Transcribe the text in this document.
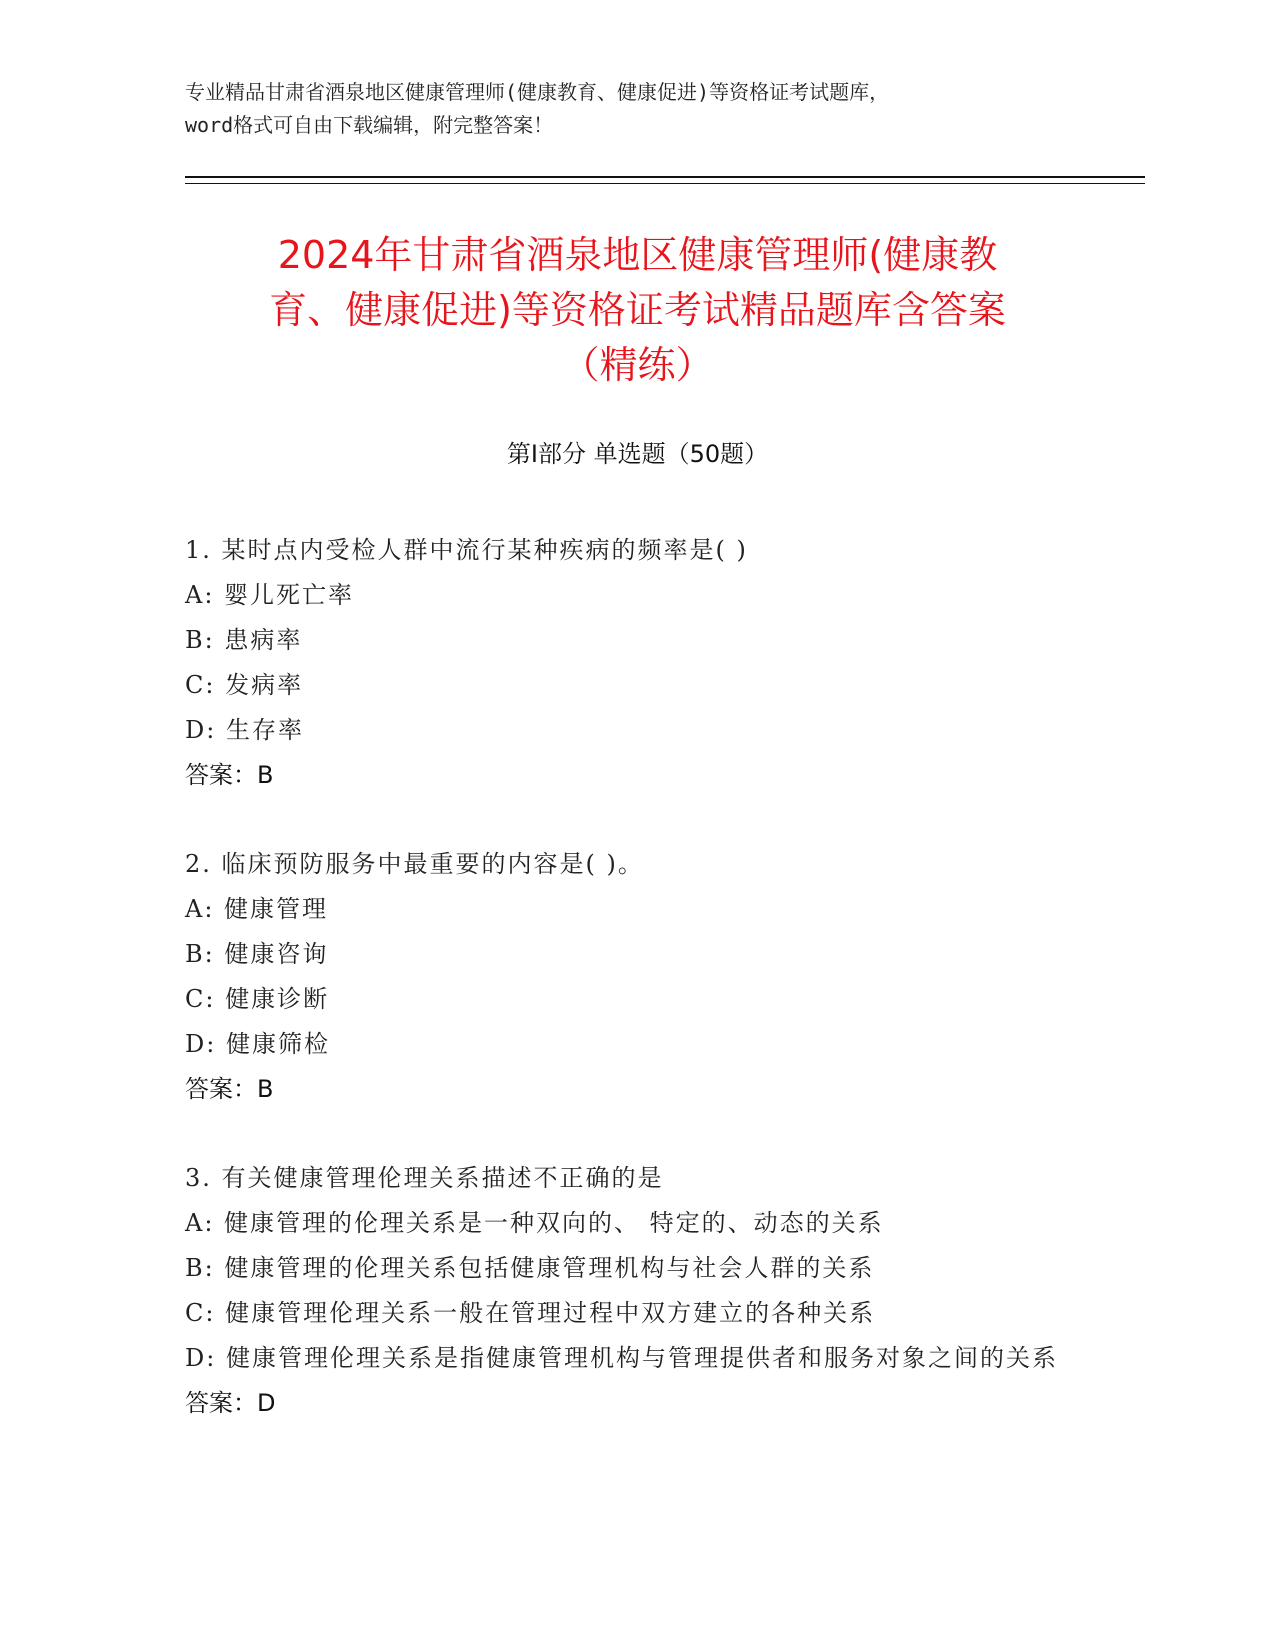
专业精品甘肃省酒泉地区健康管理师(健康教育、健康促进)等资格证考试题库，
word格式可自由下载编辑，附完整答案！
2024年甘肃省酒泉地区健康管理师(健康教
育、健康促进)等资格证考试精品题库含答案
（精练）
第Ⅰ部分 单选题（50题）
1. 某时点内受检人群中流行某种疾病的频率是( )
A: 婴儿死亡率
B: 患病率
C: 发病率
D: 生存率
答案：B
2. 临床预防服务中最重要的内容是( )。
A: 健康管理
B: 健康咨询
C: 健康诊断
D: 健康筛检
答案：B
3. 有关健康管理伦理关系描述不正确的是
A: 健康管理的伦理关系是一种双向的、 特定的、动态的关系
B: 健康管理的伦理关系包括健康管理机构与社会人群的关系
C: 健康管理伦理关系一般在管理过程中双方建立的各种关系
D: 健康管理伦理关系是指健康管理机构与管理提供者和服务对象之间的关系
答案：D
